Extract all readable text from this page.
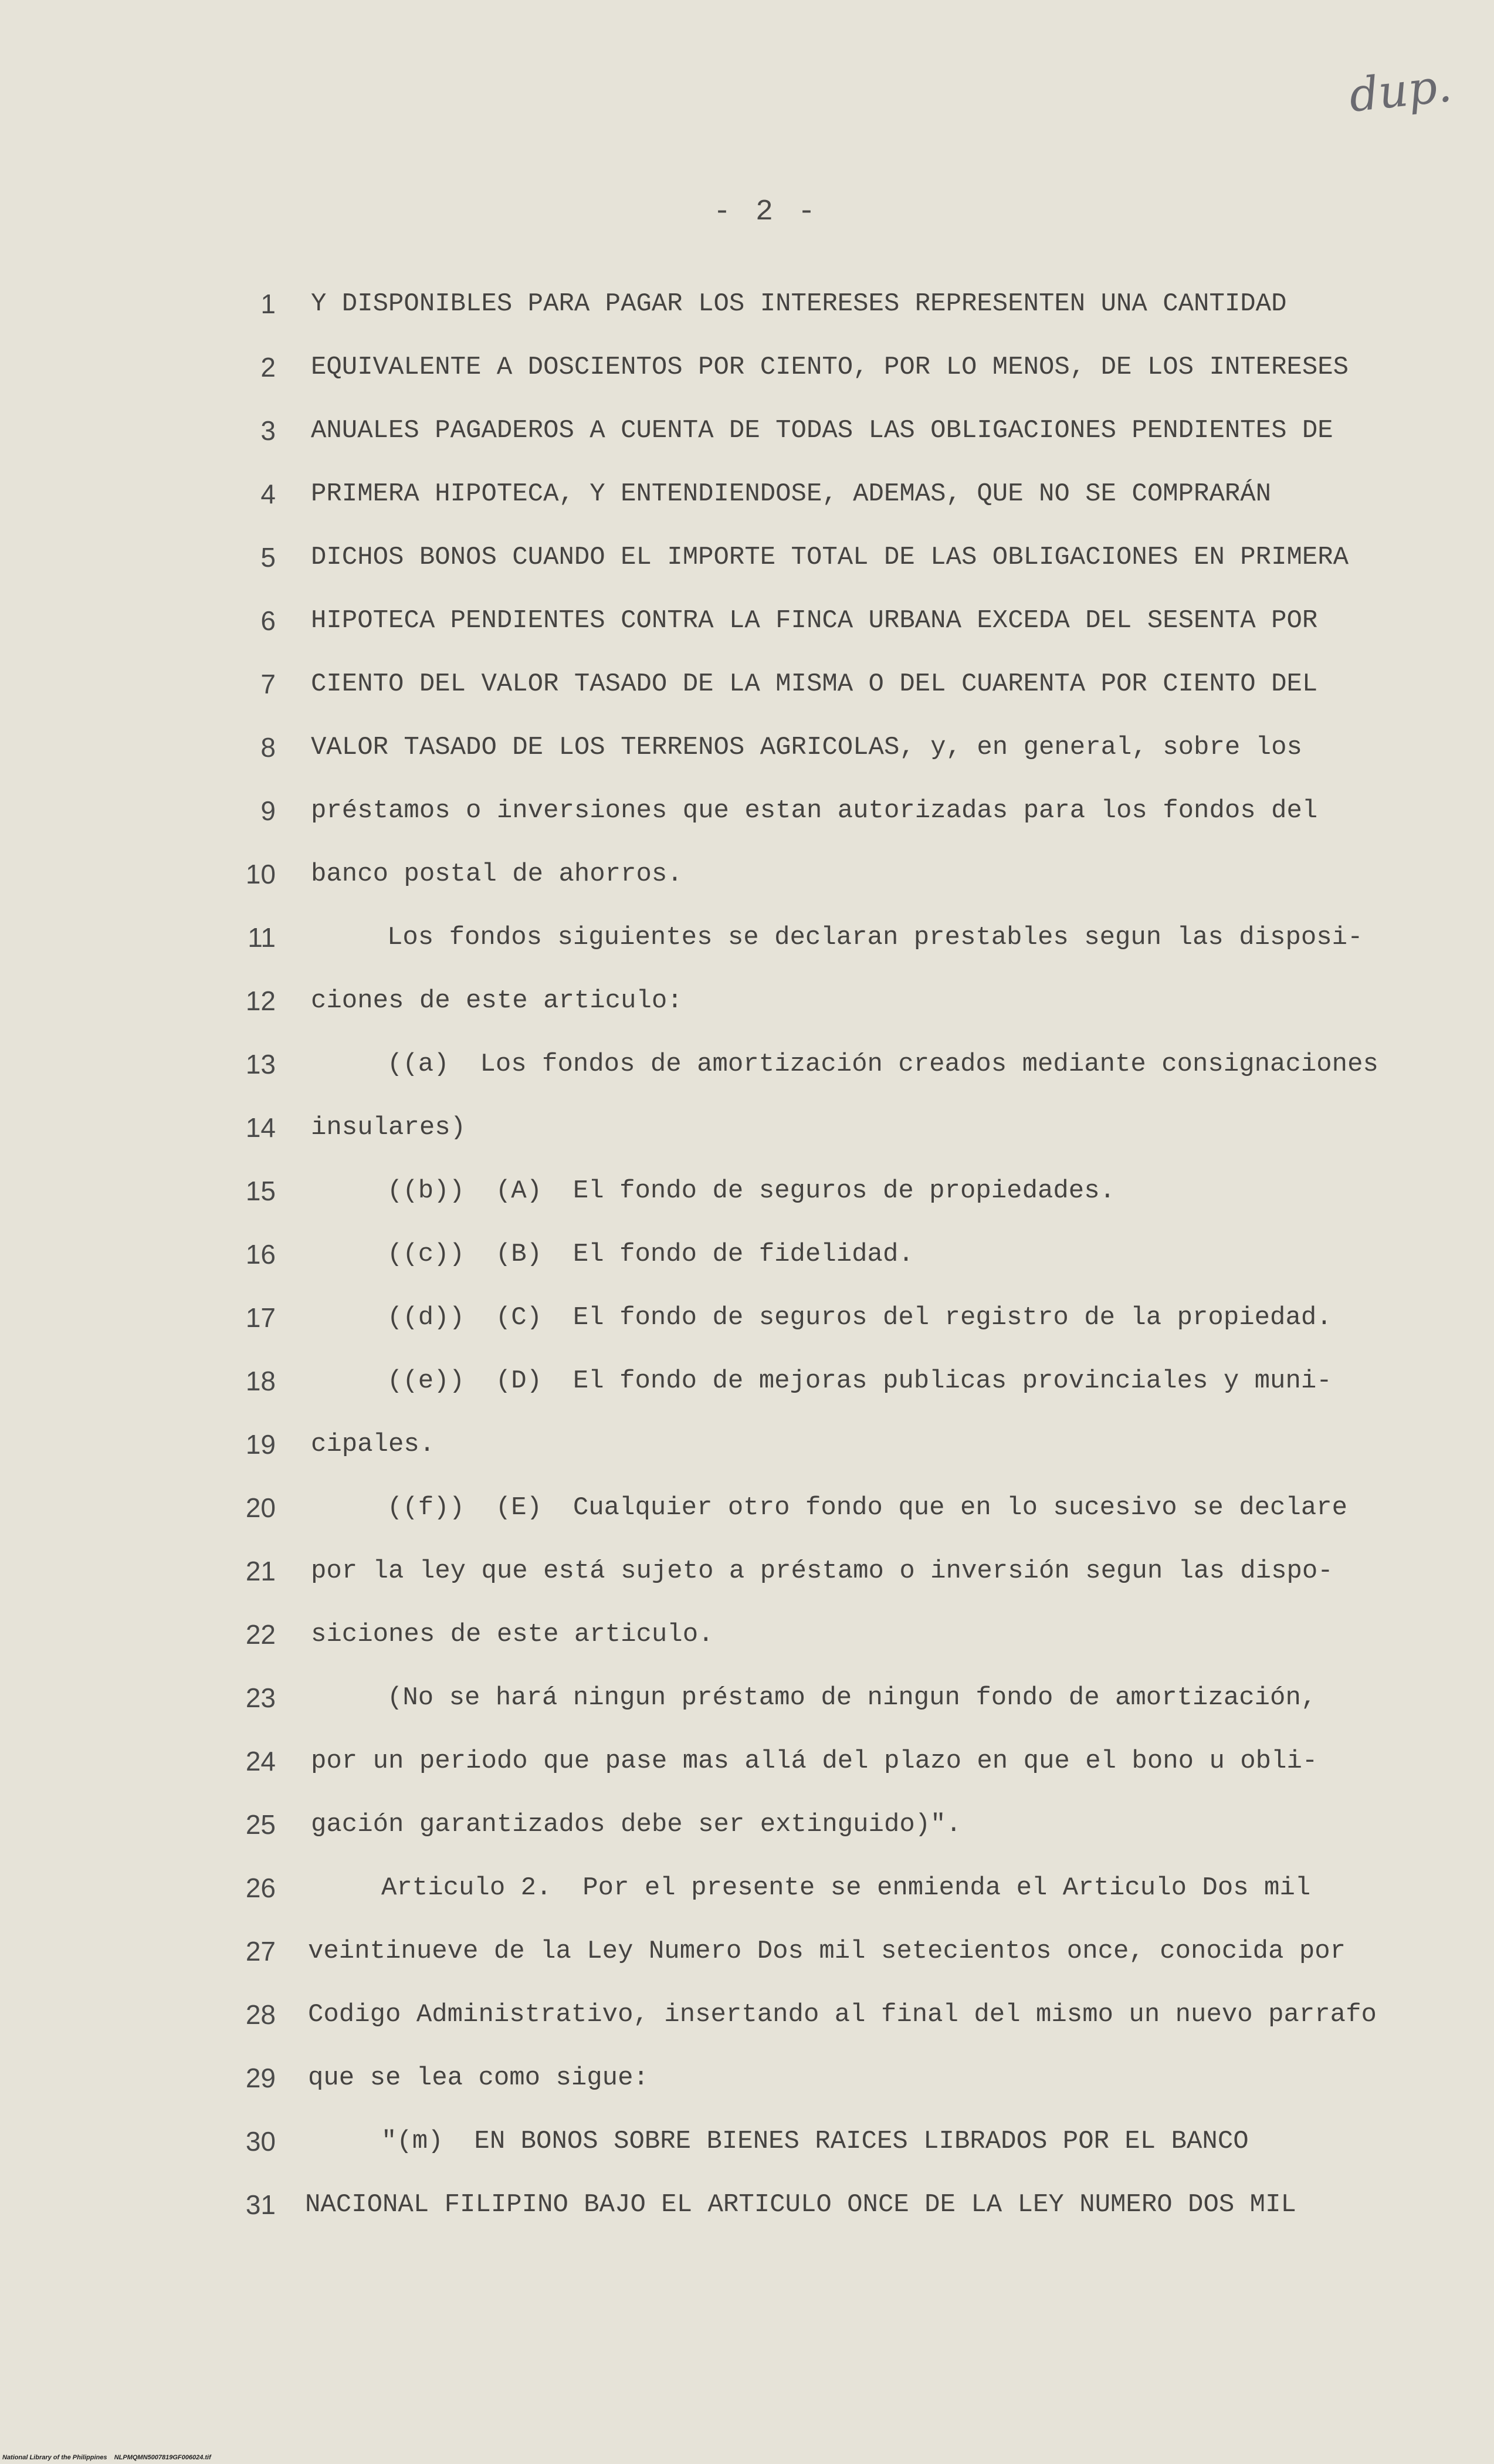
dup.
- 2 -
1 Y DISPONIBLES PARA PAGAR LOS INTERESES REPRESENTEN UNA CANTIDAD
2 EQUIVALENTE A DOSCIENTOS POR CIENTO, POR LO MENOS, DE LOS INTERESES
3 ANUALES PAGADEROS A CUENTA DE TODAS LAS OBLIGACIONES PENDIENTES DE
4 PRIMERA HIPOTECA, Y ENTENDIENDOSE, ADEMAS, QUE NO SE COMPRARÁN
5 DICHOS BONOS CUANDO EL IMPORTE TOTAL DE LAS OBLIGACIONES EN PRIMERA
6 HIPOTECA PENDIENTES CONTRA LA FINCA URBANA EXCEDA DEL SESENTA POR
7 CIENTO DEL VALOR TASADO DE LA MISMA O DEL CUARENTA POR CIENTO DEL
8 VALOR TASADO DE LOS TERRENOS AGRICOLAS, y, en general, sobre los
9 préstamos o inversiones que estan autorizadas para los fondos del
10 banco postal de ahorros.
11	Los fondos siguientes se declaran prestables segun las disposi-
12 ciones de este articulo:
13	((a)  Los fondos de amortización creados mediante consignaciones
14 insulares)
15	((b))  (A)  El fondo de seguros de propiedades.
16	((c))  (B)  El fondo de fidelidad.
17	((d))  (C)  El fondo de seguros del registro de la propiedad.
18	((e))  (D)  El fondo de mejoras publicas provinciales y muni-
19 cipales.
20	((f))  (E)  Cualquier otro fondo que en lo sucesivo se declare
21 por la ley que está sujeto a préstamo o inversión segun las dispo-
22 siciones de este articulo.
23	(No se hará ningun préstamo de ningun fondo de amortización,
24 por un periodo que pase mas allá del plazo en que el bono u obli-
25 gación garantizados debe ser extinguido)".
26	Articulo 2.  Por el presente se enmienda el Articulo Dos mil
27 veintinueve de la Ley Numero Dos mil setecientos once, conocida por
28 Codigo Administrativo, insertando al final del mismo un nuevo parrafo
29 que se lea como sigue:
30	"(m)  EN BONOS SOBRE BIENES RAICES LIBRADOS POR EL BANCO
31 NACIONAL FILIPINO BAJO EL ARTICULO ONCE DE LA LEY NUMERO DOS MIL
National Library of the Philippines    NLPMQMN5007819GF006024.tif
